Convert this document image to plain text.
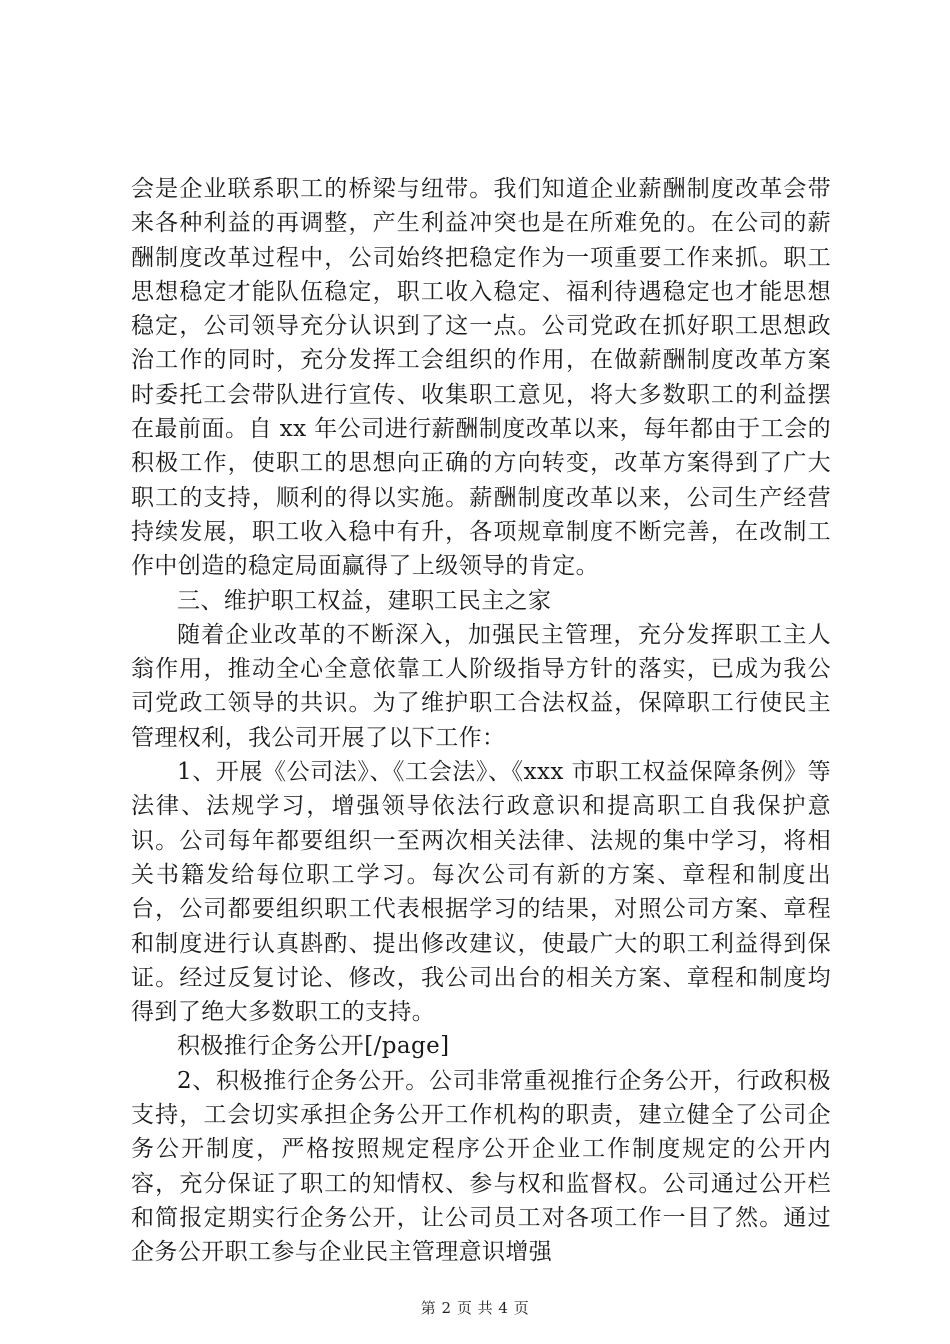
会是企业联系职工的桥梁与纽带。我们知道企业薪酬制度改革会带来各种利益的再调整，产生利益冲突也是在所难免的。在公司的薪酬制度改革过程中，公司始终把稳定作为一项重要工作来抓。职工思想稳定才能队伍稳定，职工收入稳定、福利待遇稳定也才能思想稳定，公司领导充分认识到了这一点。公司党政在抓好职工思想政治工作的同时，充分发挥工会组织的作用，在做薪酬制度改革方案时委托工会带队进行宣传、收集职工意见，将大多数职工的利益摆在最前面。自 xx 年公司进行薪酬制度改革以来，每年都由于工会的积极工作，使职工的思想向正确的方向转变，改革方案得到了广大职工的支持，顺利的得以实施。薪酬制度改革以来，公司生产经营持续发展，职工收入稳中有升，各项规章制度不断完善，在改制工作中创造的稳定局面赢得了上级领导的肯定。

三、维护职工权益，建职工民主之家

随着企业改革的不断深入，加强民主管理，充分发挥职工主人翁作用，推动全心全意依靠工人阶级指导方针的落实，已成为我公司党政工领导的共识。为了维护职工合法权益，保障职工行使民主管理权利，我公司开展了以下工作：

1、开展《公司法》、《工会法》、《xxx 市职工权益保障条例》等法律、法规学习，增强领导依法行政意识和提高职工自我保护意识。公司每年都要组织一至两次相关法律、法规的集中学习，将相关书籍发给每位职工学习。每次公司有新的方案、章程和制度出台，公司都要组织职工代表根据学习的结果，对照公司方案、章程和制度进行认真斟酌、提出修改建议，使最广大的职工利益得到保证。经过反复讨论、修改，我公司出台的相关方案、章程和制度均得到了绝大多数职工的支持。

积极推行企务公开[/page]

2、积极推行企务公开。公司非常重视推行企务公开，行政积极支持，工会切实承担企务公开工作机构的职责，建立健全了公司企务公开制度，严格按照规定程序公开企业工作制度规定的公开内容，充分保证了职工的知情权、参与权和监督权。公司通过公开栏和简报定期实行企务公开，让公司员工对各项工作一目了然。通过企务公开职工参与企业民主管理意识增强

第 2 页 共 4 页
